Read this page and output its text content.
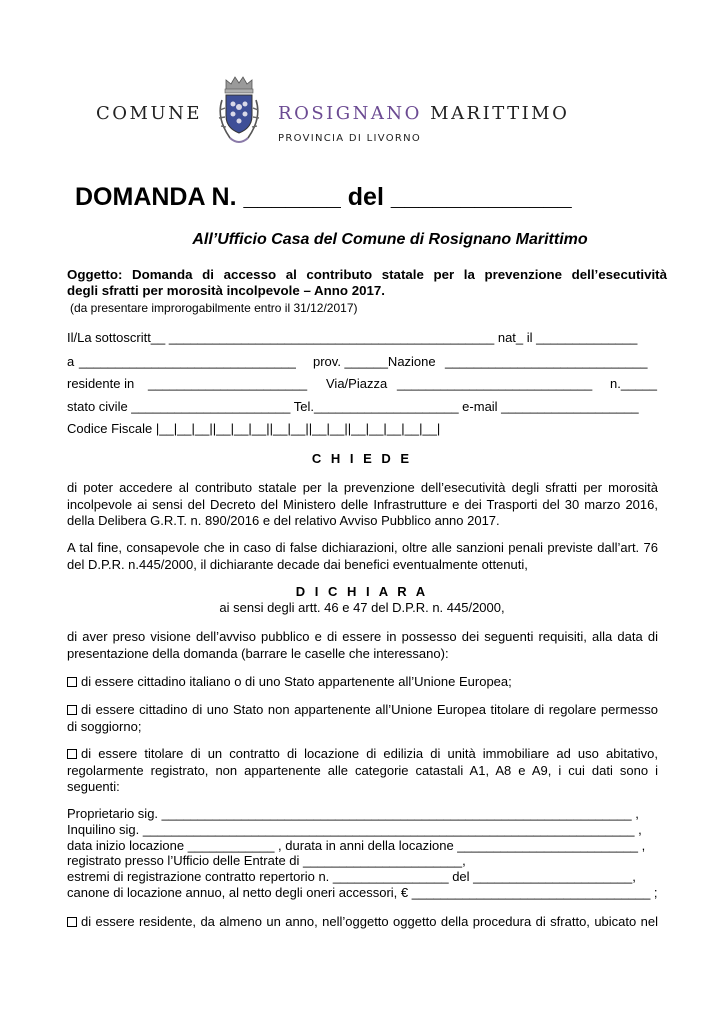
COMUNE	ROSIGNANO MARITTIMO
PROVINCIA DI LIVORNO
DOMANDA N. _______ del _____________
All’Ufficio Casa del Comune di Rosignano Marittimo
Oggetto: Domanda di accesso al contributo statale per la prevenzione dell’esecutività
degli sfratti per morosità incolpevole – Anno 2017.
(da presentare improrogabilmente entro il 31/12/2017)
Il/La sottoscritt__ _____________________________________________ nat_ il ______________
a ______________________________ prov. ______Nazione ____________________________
residente in ______________________ Via/Piazza ___________________________ n._____
stato civile ______________________ Tel.____________________ e-mail ___________________
Codice Fiscale |__|__|__||__|__|__||__|__||__|__||__|__|__|__|__|
C H I E D E
di poter accedere al contributo statale per la prevenzione dell’esecutività degli sfratti per morosità
incolpevole ai sensi del Decreto del Ministero delle Infrastrutture e dei Trasporti del 30 marzo 2016,
della Delibera G.R.T. n. 890/2016 e del relativo Avviso Pubblico anno 2017.
A tal fine, consapevole che in caso di false dichiarazioni, oltre alle sanzioni penali previste dall’art. 76
del D.P.R. n.445/2000, il dichiarante decade dai benefici eventualmente ottenuti,
D I C H I A R A
ai sensi degli artt. 46 e 47 del D.P.R. n. 445/2000,
di aver preso visione dell’avviso pubblico e di essere in possesso dei seguenti requisiti, alla data di
presentazione della domanda (barrare le caselle che interessano):
di essere cittadino italiano o di uno Stato appartenente all’Unione Europea;
di essere cittadino di uno Stato non appartenente all’Unione Europea titolare di regolare permesso
di soggiorno;
di essere titolare di un contratto di locazione di edilizia di unità immobiliare ad uso abitativo,
regolarmente registrato, non appartenente alle categorie catastali A1, A8 e A9, i cui dati sono i
seguenti:
Proprietario sig. _________________________________________________________________ ,
Inquilino sig. ____________________________________________________________________ ,
data inizio locazione ____________ , durata in anni della locazione _________________________ ,
registrato presso l’Ufficio delle Entrate di ______________________,
estremi di registrazione contratto repertorio n. ________________ del ______________________,
canone di locazione annuo, al netto degli oneri accessori, € _________________________________ ;
di essere residente, da almeno un anno, nell’oggetto oggetto della procedura di sfratto, ubicato nel
